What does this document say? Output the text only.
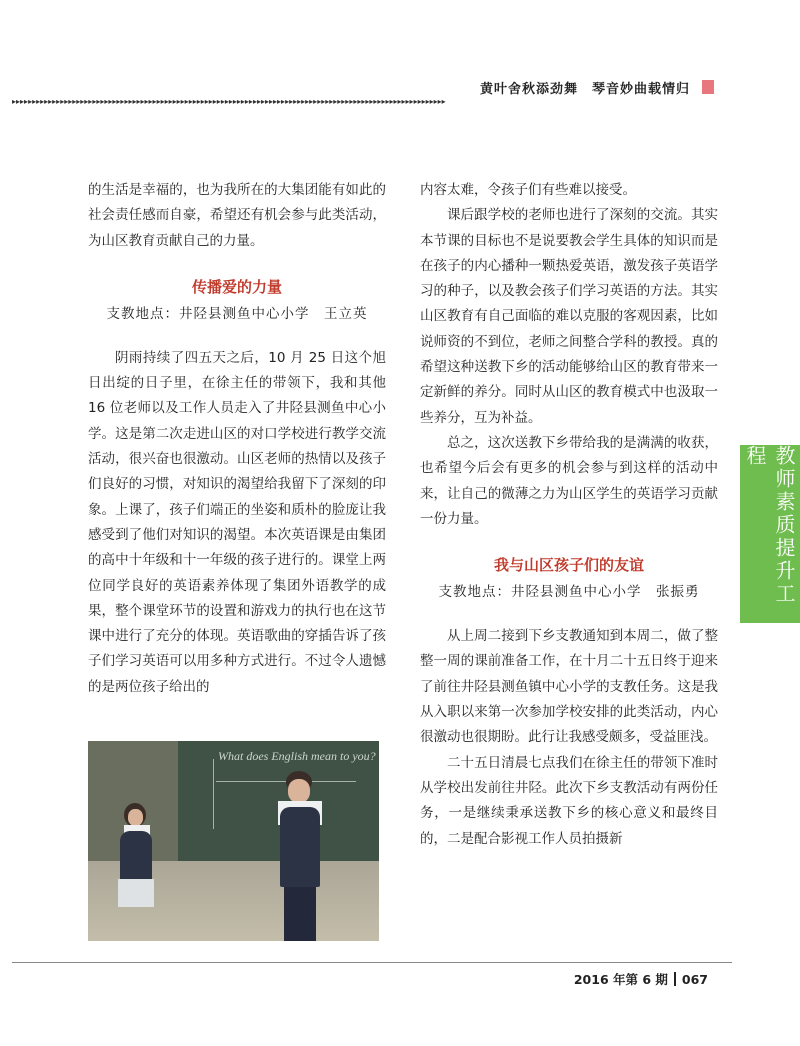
黄叶舍秋添劲舞　琴音妙曲载情归
▸▸▸▸▸▸▸▸▸▸▸▸▸▸▸▸▸▸▸▸▸▸▸▸▸▸▸▸▸▸▸▸▸▸▸▸▸▸▸▸▸▸▸▸▸▸▸▸▸▸▸▸▸▸▸▸▸▸▸▸▸▸▸▸▸▸▸▸▸▸▸▸▸▸▸▸▸▸▸▸▸▸▸▸▸▸▸▸▸▸▸▸▸▸▸▸▸▸▸▸▸▸▸▸▸▸▸▸

的生活是幸福的，也为我所在的大集团能有如此的社会责任感而自豪，希望还有机会参与此类活动，为山区教育贡献自己的力量。

传播爱的力量

支教地点：井陉县测鱼中心小学　王立英

阴雨持续了四五天之后，10 月 25 日这个旭日出绽的日子里，在徐主任的带领下，我和其他 16 位老师以及工作人员走入了井陉县测鱼中心小学。这是第二次走进山区的对口学校进行教学交流活动，很兴奋也很激动。山区老师的热情以及孩子们良好的习惯，对知识的渴望给我留下了深刻的印象。上课了，孩子们端正的坐姿和质朴的脸庞让我感受到了他们对知识的渴望。本次英语课是由集团的高中十年级和十一年级的孩子进行的。课堂上两位同学良好的英语素养体现了集团外语教学的成果，整个课堂环节的设置和游戏力的执行也在这节课中进行了充分的体现。英语歌曲的穿插告诉了孩子们学习英语可以用多种方式进行。不过令人遗憾的是两位孩子给出的

What does English mean to you?

内容太难，令孩子们有些难以接受。

课后跟学校的老师也进行了深刻的交流。其实本节课的目标也不是说要教会学生具体的知识而是在孩子的内心播种一颗热爱英语，激发孩子英语学习的种子，以及教会孩子们学习英语的方法。其实山区教育有自己面临的难以克服的客观因素，比如说师资的不到位，老师之间整合学科的教授。真的希望这种送教下乡的活动能够给山区的教育带来一定新鲜的养分。同时从山区的教育模式中也汲取一些养分，互为补益。

总之，这次送教下乡带给我的是满满的收获，也希望今后会有更多的机会参与到这样的活动中来，让自己的微薄之力为山区学生的英语学习贡献一份力量。

我与山区孩子们的友谊

支教地点：井陉县测鱼中心小学　张振勇

从上周二接到下乡支教通知到本周二，做了整整一周的课前准备工作，在十月二十五日终于迎来了前往井陉县测鱼镇中心小学的支教任务。这是我从入职以来第一次参加学校安排的此类活动，内心很激动也很期盼。此行让我感受颇多，受益匪浅。

二十五日清晨七点我们在徐主任的带领下准时从学校出发前往井陉。此次下乡支教活动有两份任务，一是继续秉承送教下乡的核心意义和最终目的，二是配合影视工作人员拍摄新

教师素质提升工程
2016 年第 6 期 067
